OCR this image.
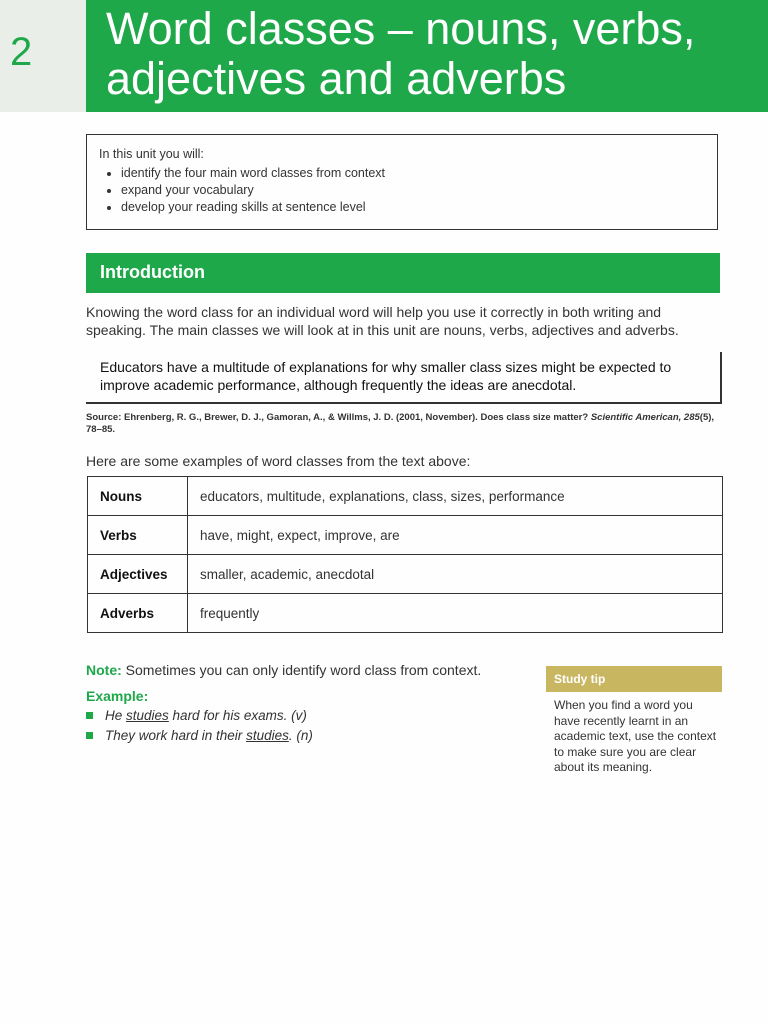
2 Word classes – nouns, verbs,
adjectives and adverbs

In this unit you will:

• identify the four main word classes from context
• expand your vocabulary
• develop your reading skills at sentence level
Introduction

Knowing the word class for an individual word will help you use it correctly in both writing and speaking. The main classes we will look at in this unit are nouns, verbs, adjectives and adverbs.

Educators have a multitude of explanations for why smaller class sizes might be expected to improve academic performance, although frequently the ideas are anecdotal.

Source: Ehrenberg, R. G., Brewer, D. J., Gamoran, A., & Willms, J. D. (2001, November). Does class size matter? Scientific American, 285(5), 78–85.

Here are some examples of word classes from the text above:

Nouns	educators, multitude, explanations, class, sizes, performance
Verbs	have, might, expect, improve, are
Adjectives	smaller, academic, anecdotal
Adverbs	frequently

Note: Sometimes you can only identify word class from context.

Example:

He studies hard for his exams. (v)
They work hard in their studies. (n)
Study tip

When you find a word you have recently learnt in an academic text, use the context to make sure you are clear about its meaning.
